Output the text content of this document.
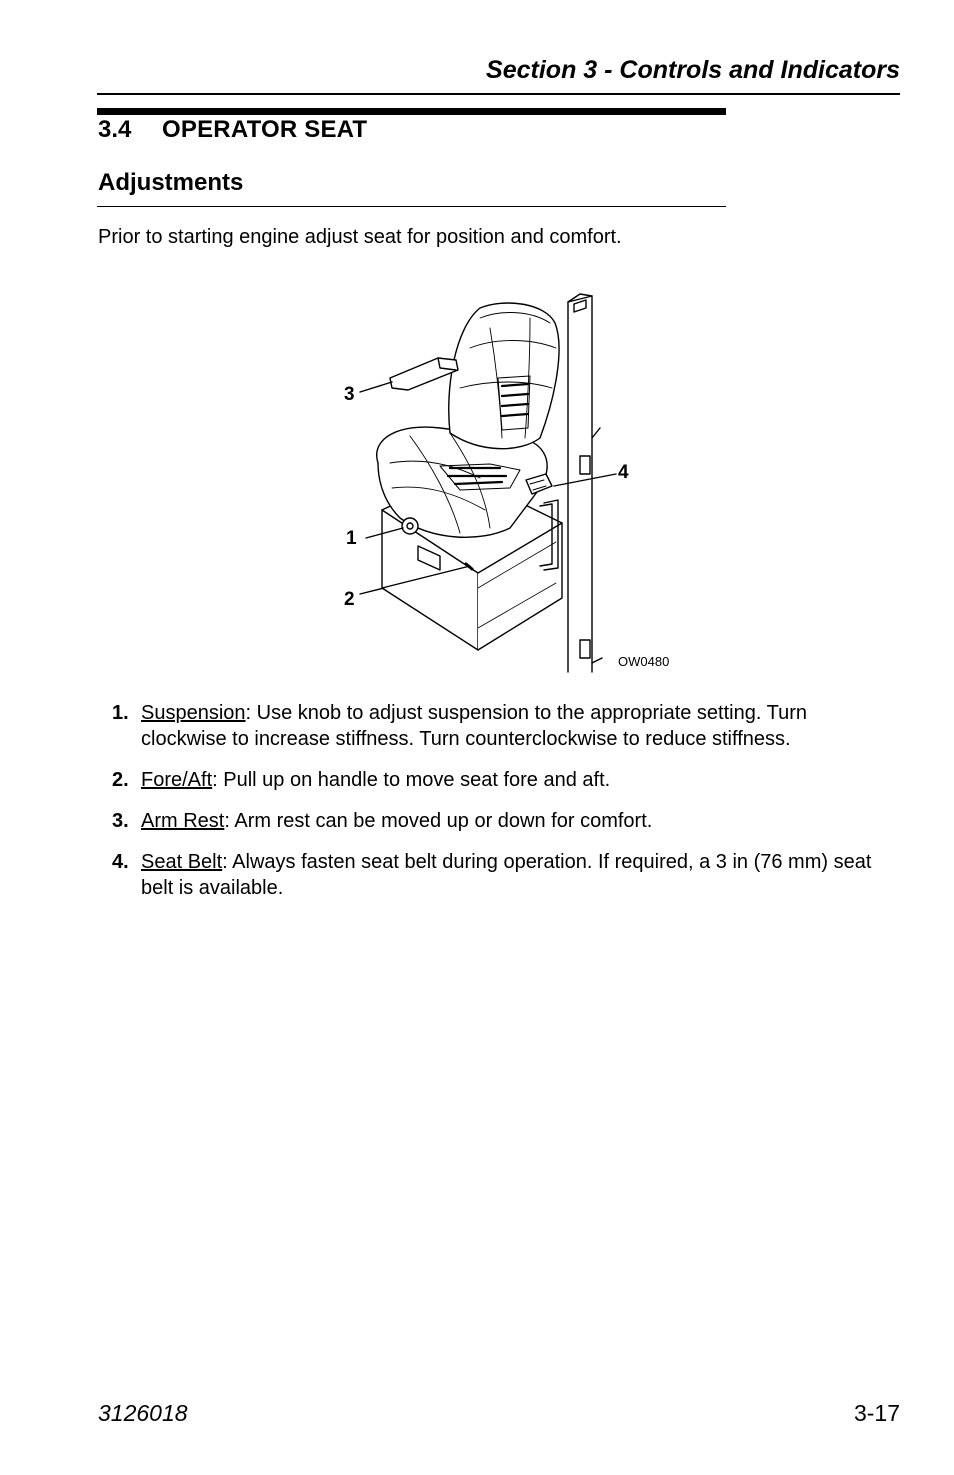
Section 3 - Controls and Indicators
3.4 OPERATOR SEAT
Adjustments
Prior to starting engine adjust seat for position and comfort.
3
1
2
4
OW0480
1. Suspension: Use knob to adjust suspension to the appropriate setting. Turn clockwise to increase stiffness. Turn counterclockwise to reduce stiffness.
2. Fore/Aft: Pull up on handle to move seat fore and aft.
3. Arm Rest: Arm rest can be moved up or down for comfort.
4. Seat Belt: Always fasten seat belt during operation. If required, a 3 in (76 mm) seat belt is available.
3126018	3-17
